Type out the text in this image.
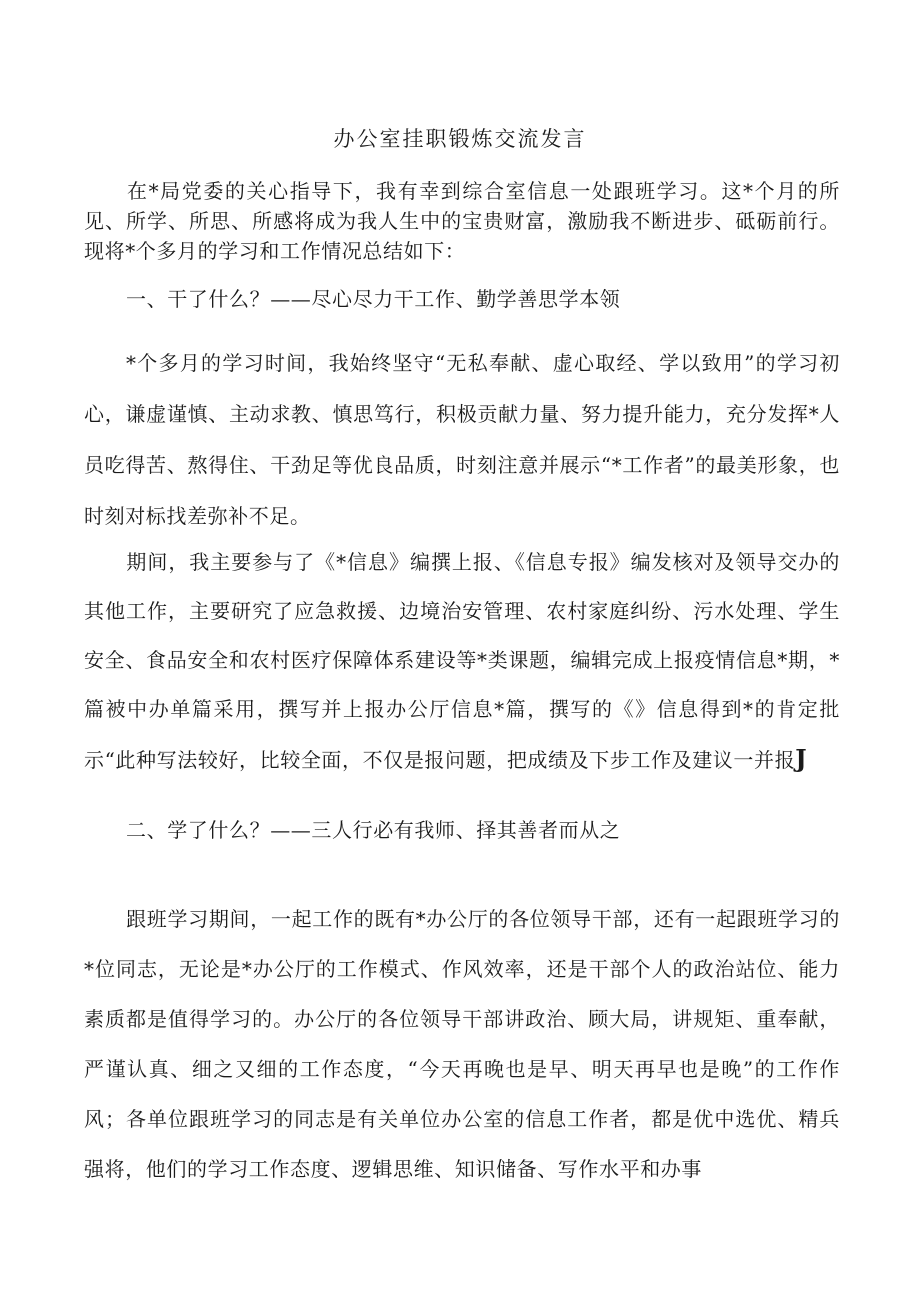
办公室挂职锻炼交流发言
在*局党委的关心指导下，我有幸到综合室信息一处跟班学习。这*个月的所见、所学、所思、所感将成为我人生中的宝贵财富，激励我不断进步、砥砺前行。现将*个多月的学习和工作情况总结如下：
一、干了什么？——尽心尽力干工作、勤学善思学本领
*个多月的学习时间，我始终坚守“无私奉献、虚心取经、学以致用”的学习初心，谦虚谨慎、主动求教、慎思笃行，积极贡献力量、努力提升能力，充分发挥*人员吃得苦、熬得住、干劲足等优良品质，时刻注意并展示“*工作者”的最美形象，也时刻对标找差弥补不足。
期间，我主要参与了《*信息》编撰上报、《信息专报》编发核对及领导交办的其他工作，主要研究了应急救援、边境治安管理、农村家庭纠纷、污水处理、学生安全、食品安全和农村医疗保障体系建设等*类课题，编辑完成上报疫情信息*期，*篇被中办单篇采用，撰写并上报办公厅信息*篇，撰写的《》信息得到*的肯定批示“此种写法较好，比较全面，不仅是报问题，把成绩及下步工作及建议一并报J
二、学了什么？——三人行必有我师、择其善者而从之
跟班学习期间，一起工作的既有*办公厅的各位领导干部，还有一起跟班学习的*位同志，无论是*办公厅的工作模式、作风效率，还是干部个人的政治站位、能力素质都是值得学习的。办公厅的各位领导干部讲政治、顾大局，讲规矩、重奉献，严谨认真、细之又细的工作态度，“今天再晚也是早、明天再早也是晚”的工作作风；各单位跟班学习的同志是有关单位办公室的信息工作者，都是优中选优、精兵强将，他们的学习工作态度、逻辑思维、知识储备、写作水平和办事
